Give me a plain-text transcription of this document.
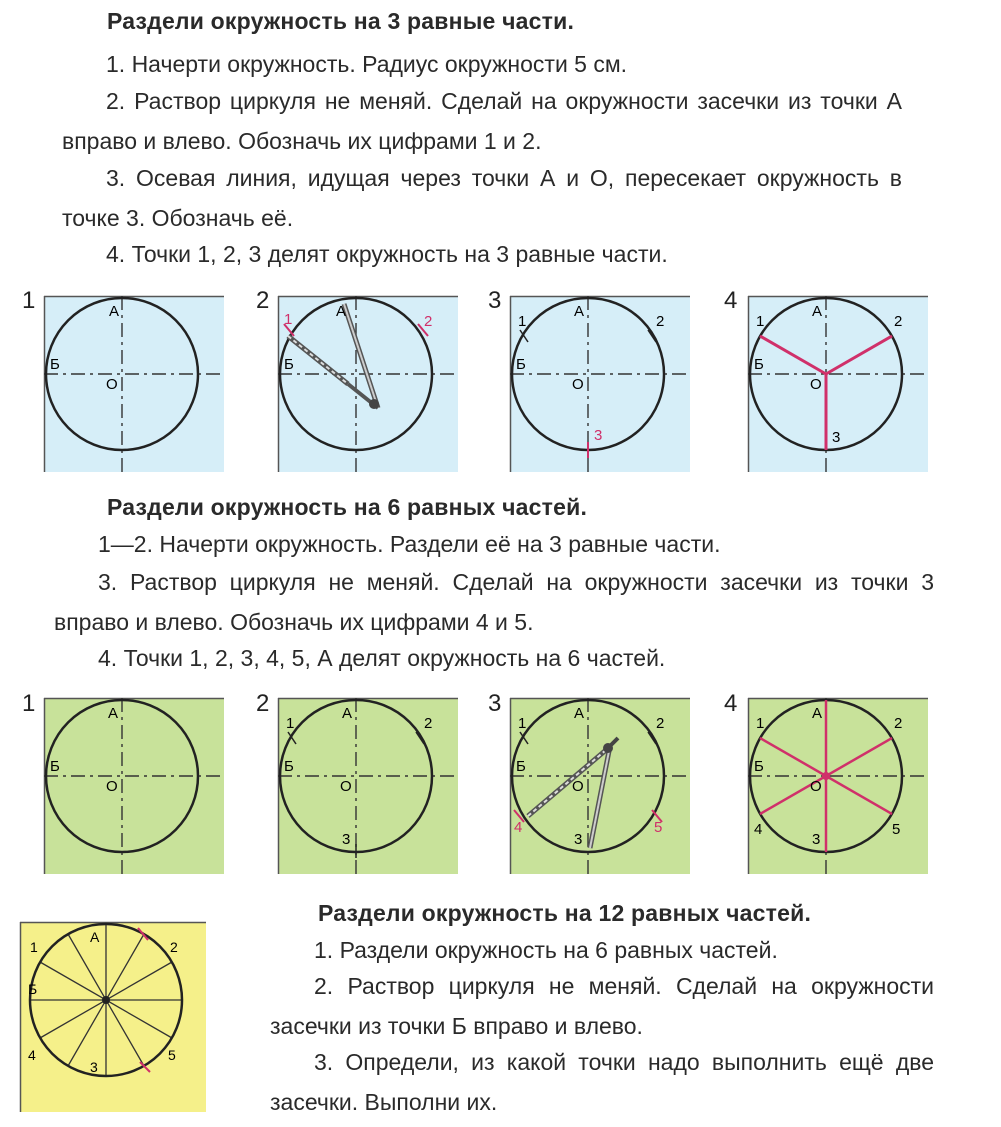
Раздели окружность на 3 равные части.
1. Начерти окружность. Радиус окружности 5 см.
2. Раствор циркуля не меняй. Сделай на окружности засечки из точки А вправо и влево. Обозначь их цифрами 1 и 2.
3. Осевая линия, идущая через точки А и О, пересекает окружность в точке 3. Обозначь её.
4. Точки 1, 2, 3 делят окружность на 3 равные части.
1	2	3	4
А
Б
О
1	2
А
Б
1	2
3
А
Б
О
1	2
3
А
Б
О
Раздели окружность на 6 равных частей.
1—2. Начерти окружность. Раздели её на 3 равные части.
3. Раствор циркуля не меняй. Сделай на окружности засечки из точки 3 вправо и влево. Обозначь их цифрами 4 и 5.
4. Точки 1, 2, 3, 4, 5, А делят окружность на 6 частей.
1	2	3	4
А
Б
О
1	2
3
А
Б
О
1	2
3
4	5
А
Б
О
1	2
3
4	5
А
Б
О
1	2
3
4	5
А
Б
Раздели окружность на 12 равных частей.
1. Раздели окружность на 6 равных частей.
2. Раствор циркуля не меняй. Сделай на окружности засечки из точки Б вправо и влево.
3. Определи, из какой точки надо выполнить ещё две засечки. Выполни их.
